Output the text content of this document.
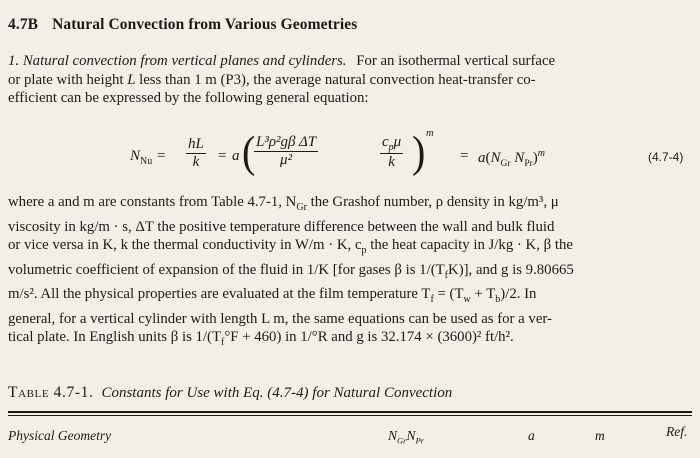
4.7B Natural Convection from Various Geometries
1. Natural convection from vertical planes and cylinders. For an isothermal vertical surface
or plate with height L less than 1 m (P3), the average natural convection heat-transfer co-
efficient can be expressed by the following general equation:
$N_{Nu} = \frac{hL}{k} = a$ (
$\frac{\text{L³ρ²gβ ΔT}}{\text{μ²}}$	$c_p\mu$
k ) m
= $a(N_{Gr}$ $N_{Pr})^m$	(4.7-4)
where a and m are constants from Table 4.7-1, $N_{Gr}$ the Grashof number, ρ density in kg/m³, μ
viscosity in kg/m · s, ΔT the positive temperature difference between the wall and bulk fluid
or vice versa in K, k the thermal conductivity in W/m · K, $c_p$ the heat capacity in J/kg · K, β the
volumetric coefficient of expansion of the fluid in 1/K [for gases β is $1/(T_fK)$], and g is 9.80665
m/s². All the physical properties are evaluated at the film temperature $T_f = (T_w + T_b)/2$. In
general, for a vertical cylinder with length L m, the same equations can be used as for a ver-
tical plate. In English units β is $1/(T_f^\circ F + 460)$ in 1/°R and g is 32.174 × (3600)² ft/h².
Table 4.7-1. Constants for Use with Eq. (4.7-4) for Natural Convection
Physical Geometry	$N_{Gr}N_{Pr}$	a	m	Ref.
